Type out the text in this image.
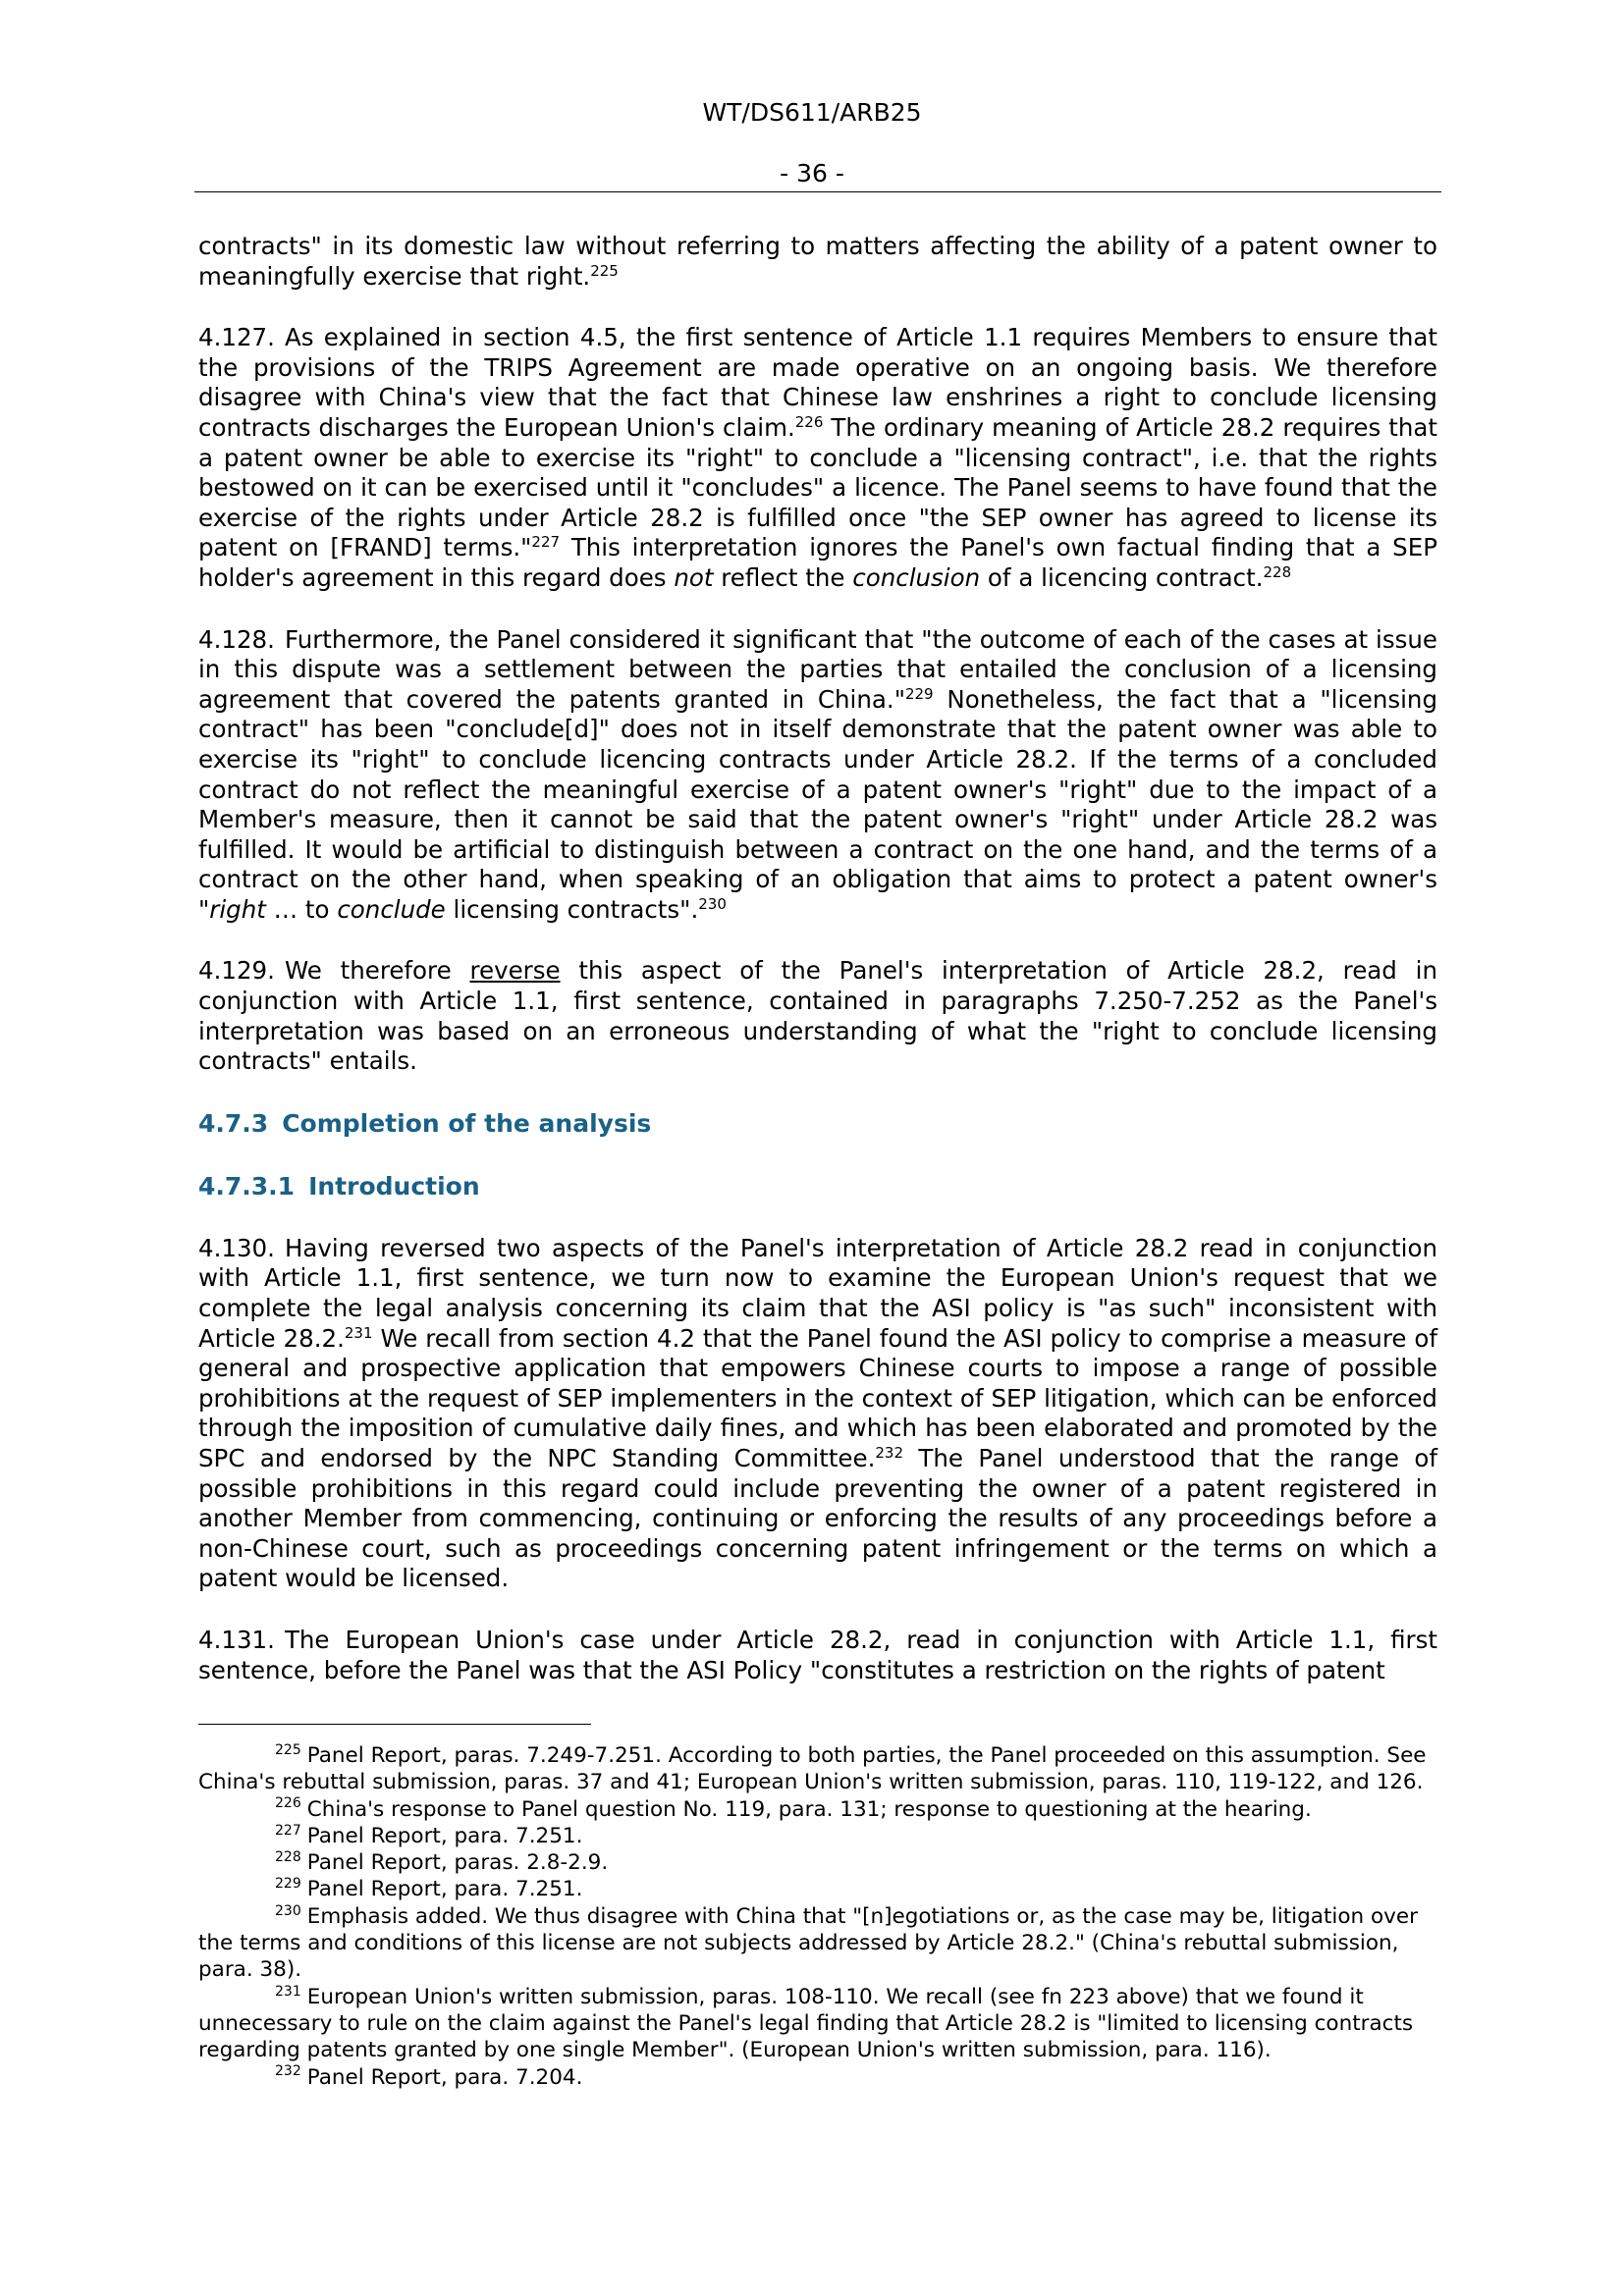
WT/DS611/ARB25
- 36 -

contracts" in its domestic law without referring to matters affecting the ability of a patent owner to meaningfully exercise that right.$^{225}$

4.127. As explained in section 4.5, the first sentence of Article 1.1 requires Members to ensure that the provisions of the TRIPS Agreement are made operative on an ongoing basis. We therefore disagree with China's view that the fact that Chinese law enshrines a right to conclude licensing contracts discharges the European Union's claim.$^{226}$ The ordinary meaning of Article 28.2 requires that a patent owner be able to exercise its "right" to conclude a "licensing contract", i.e. that the rights bestowed on it can be exercised until it "concludes" a licence. The Panel seems to have found that the exercise of the rights under Article 28.2 is fulfilled once "the SEP owner has agreed to license its patent on [FRAND] terms."$^{227}$ This interpretation ignores the Panel's own factual finding that a SEP holder's agreement in this regard does not reflect the conclusion of a licencing contract.$^{228}$

4.128. Furthermore, the Panel considered it significant that "the outcome of each of the cases at issue in this dispute was a settlement between the parties that entailed the conclusion of a licensing agreement that covered the patents granted in China."$^{229}$ Nonetheless, the fact that a "licensing contract" has been "conclude[d]" does not in itself demonstrate that the patent owner was able to exercise its "right" to conclude licencing contracts under Article 28.2. If the terms of a concluded contract do not reflect the meaningful exercise of a patent owner's "right" due to the impact of a Member's measure, then it cannot be said that the patent owner's "right" under Article 28.2 was fulfilled. It would be artificial to distinguish between a contract on the one hand, and the terms of a contract on the other hand, when speaking of an obligation that aims to protect a patent owner's "right … to conclude licensing contracts".$^{230}$

4.129. We therefore reverse this aspect of the Panel's interpretation of Article 28.2, read in conjunction with Article 1.1, first sentence, contained in paragraphs 7.250-7.252 as the Panel's interpretation was based on an erroneous understanding of what the "right to conclude licensing contracts" entails.

4.7.3 Completion of the analysis
4.7.3.1 Introduction

4.130. Having reversed two aspects of the Panel's interpretation of Article 28.2 read in conjunction with Article 1.1, first sentence, we turn now to examine the European Union's request that we complete the legal analysis concerning its claim that the ASI policy is "as such" inconsistent with Article 28.2.$^{231}$ We recall from section 4.2 that the Panel found the ASI policy to comprise a measure of general and prospective application that empowers Chinese courts to impose a range of possible prohibitions at the request of SEP implementers in the context of SEP litigation, which can be enforced through the imposition of cumulative daily fines, and which has been elaborated and promoted by the SPC and endorsed by the NPC Standing Committee.$^{232}$ The Panel understood that the range of possible prohibitions in this regard could include preventing the owner of a patent registered in another Member from commencing, continuing or enforcing the results of any proceedings before a non-Chinese court, such as proceedings concerning patent infringement or the terms on which a patent would be licensed.

4.131. The European Union's case under Article 28.2, read in conjunction with Article 1.1, first sentence, before the Panel was that the ASI Policy "constitutes a restriction on the rights of patent

$^{225}$ Panel Report, paras. 7.249-7.251. According to both parties, the Panel proceeded on this assumption. See China's rebuttal submission, paras. 37 and 41; European Union's written submission, paras. 110, 119-122, and 126.

$^{226}$ China's response to Panel question No. 119, para. 131; response to questioning at the hearing.

$^{227}$ Panel Report, para. 7.251.

$^{228}$ Panel Report, paras. 2.8-2.9.

$^{229}$ Panel Report, para. 7.251.

$^{230}$ Emphasis added. We thus disagree with China that "[n]egotiations or, as the case may be, litigation over the terms and conditions of this license are not subjects addressed by Article 28.2." (China's rebuttal submission, para. 38).

$^{231}$ European Union's written submission, paras. 108-110. We recall (see fn 223 above) that we found it unnecessary to rule on the claim against the Panel's legal finding that Article 28.2 is "limited to licensing contracts regarding patents granted by one single Member". (European Union's written submission, para. 116).

$^{232}$ Panel Report, para. 7.204.
